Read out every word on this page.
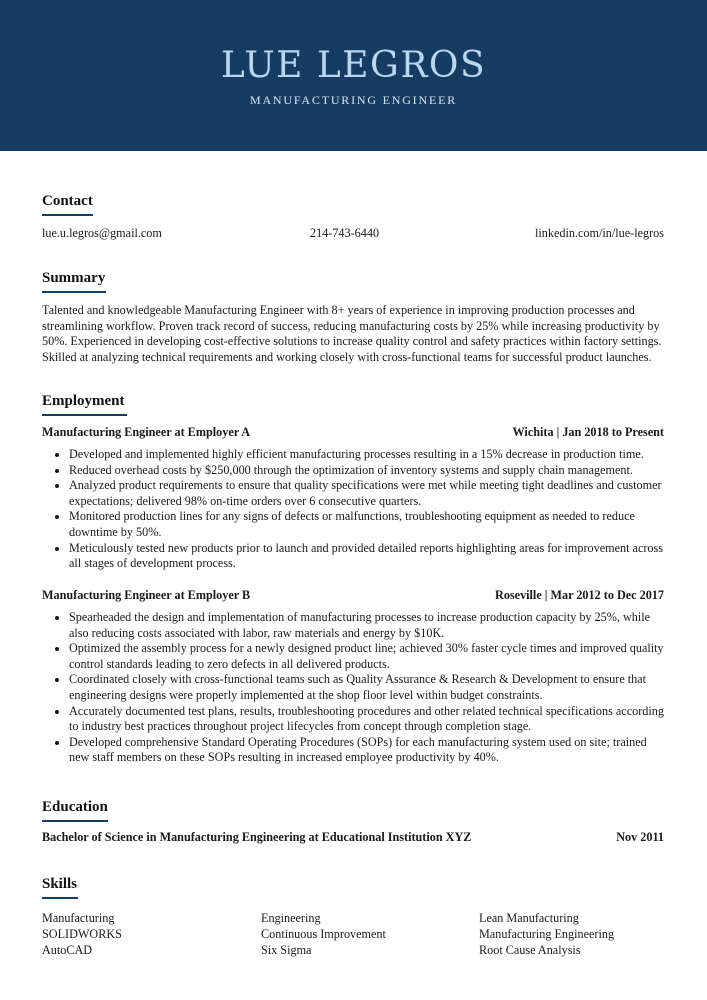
LUE LEGROS
MANUFACTURING ENGINEER
Contact
lue.u.legros@gmail.com	214-743-6440	linkedin.com/in/lue-legros
Summary
Talented and knowledgeable Manufacturing Engineer with 8+ years of experience in improving production processes and streamlining workflow. Proven track record of success, reducing manufacturing costs by 25% while increasing productivity by 50%. Experienced in developing cost-effective solutions to increase quality control and safety practices within factory settings. Skilled at analyzing technical requirements and working closely with cross-functional teams for successful product launches.
Employment
Manufacturing Engineer at Employer A	Wichita | Jan 2018 to Present
• Developed and implemented highly efficient manufacturing processes resulting in a 15% decrease in production time.
• Reduced overhead costs by $250,000 through the optimization of inventory systems and supply chain management.
• Analyzed product requirements to ensure that quality specifications were met while meeting tight deadlines and customer expectations; delivered 98% on-time orders over 6 consecutive quarters.
• Monitored production lines for any signs of defects or malfunctions, troubleshooting equipment as needed to reduce downtime by 50%.
• Meticulously tested new products prior to launch and provided detailed reports highlighting areas for improvement across all stages of development process.
Manufacturing Engineer at Employer B	Roseville | Mar 2012 to Dec 2017
• Spearheaded the design and implementation of manufacturing processes to increase production capacity by 25%, while also reducing costs associated with labor, raw materials and energy by $10K.
• Optimized the assembly process for a newly designed product line; achieved 30% faster cycle times and improved quality control standards leading to zero defects in all delivered products.
• Coordinated closely with cross-functional teams such as Quality Assurance & Research & Development to ensure that engineering designs were properly implemented at the shop floor level within budget constraints.
• Accurately documented test plans, results, troubleshooting procedures and other related technical specifications according to industry best practices throughout project lifecycles from concept through completion stage.
• Developed comprehensive Standard Operating Procedures (SOPs) for each manufacturing system used on site; trained new staff members on these SOPs resulting in increased employee productivity by 40%.
Education
Bachelor of Science in Manufacturing Engineering at Educational Institution XYZ	Nov 2011
Skills
Manufacturing	Engineering	Lean Manufacturing
SOLIDWORKS	Continuous Improvement	Manufacturing Engineering
AutoCAD	Six Sigma	Root Cause Analysis
